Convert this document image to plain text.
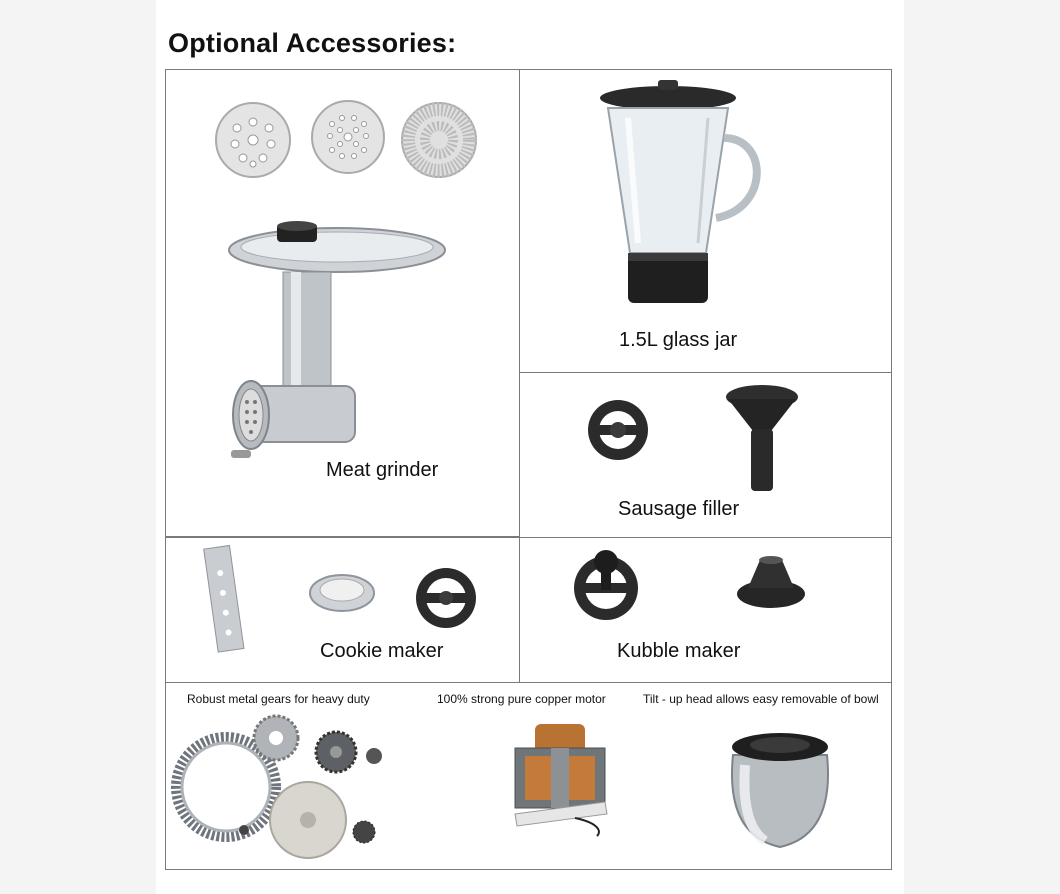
Optional Accessories:
Meat grinder
1.5L glass jar
Sausage filler
Cookie maker	Kubble maker
Robust metal gears for heavy duty	100% strong pure copper motor	Tilt - up head allows easy removable of bowl
